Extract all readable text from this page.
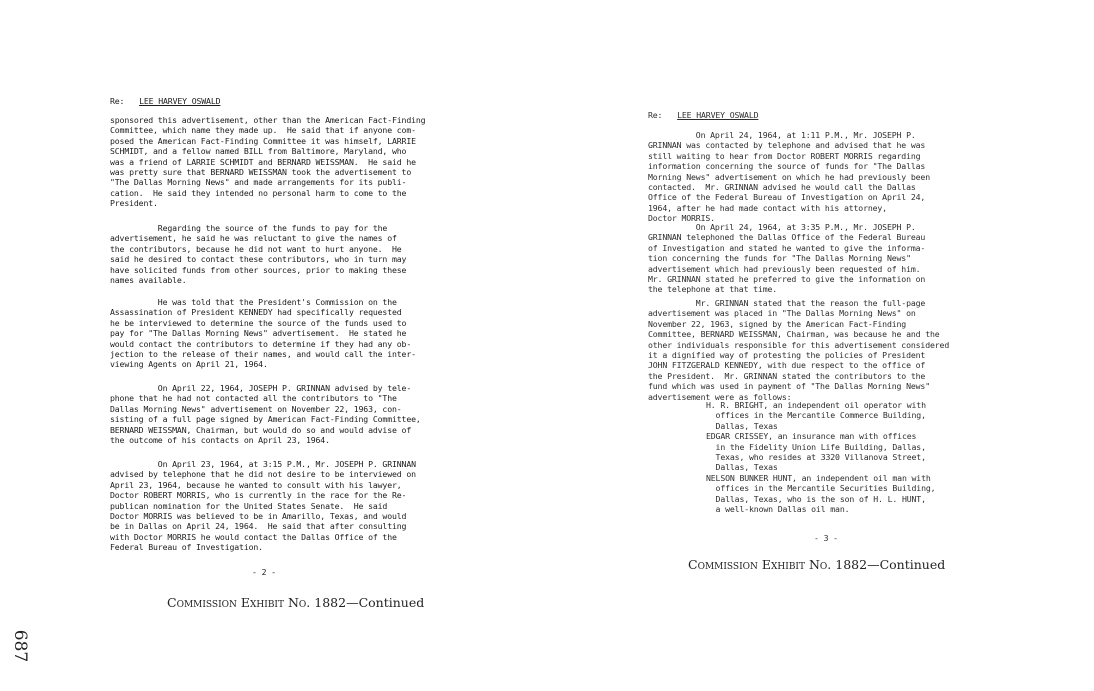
Re: LEE HARVEY OSWALD

sponsored this advertisement, other than the American Fact-Finding
Committee, which name they made up.  He said that if anyone com-
posed the American Fact-Finding Committee it was himself, LARRIE
SCHMIDT, and a fellow named BILL from Baltimore, Maryland, who
was a friend of LARRIE SCHMIDT and BERNARD WEISSMAN.  He said he
was pretty sure that BERNARD WEISSMAN took the advertisement to
"The Dallas Morning News" and made arrangements for its publi-
cation.  He said they intended no personal harm to come to the
President.

Regarding the source of the funds to pay for the
advertisement, he said he was reluctant to give the names of
the contributors, because he did not want to hurt anyone.  He
said he desired to contact these contributors, who in turn may
have solicited funds from other sources, prior to making these
names available.

He was told that the President's Commission on the
Assassination of President KENNEDY had specifically requested
he be interviewed to determine the source of the funds used to
pay for "The Dallas Morning News" advertisement.  He stated he
would contact the contributors to determine if they had any ob-
jection to the release of their names, and would call the inter-
viewing Agents on April 21, 1964.

On April 22, 1964, JOSEPH P. GRINNAN advised by tele-
phone that he had not contacted all the contributors to "The
Dallas Morning News" advertisement on November 22, 1963, con-
sisting of a full page signed by American Fact-Finding Committee,
BERNARD WEISSMAN, Chairman, but would do so and would advise of
the outcome of his contacts on April 23, 1964.

On April 23, 1964, at 3:15 P.M., Mr. JOSEPH P. GRINNAN
advised by telephone that he did not desire to be interviewed on
April 23, 1964, because he wanted to consult with his lawyer,
Doctor ROBERT MORRIS, who is currently in the race for the Re-
publican nomination for the United States Senate.  He said
Doctor MORRIS was believed to be in Amarillo, Texas, and would
be in Dallas on April 24, 1964.  He said that after consulting
with Doctor MORRIS he would contact the Dallas Office of the
Federal Bureau of Investigation.

- 2 -
Commission Exhibit No. 1882—Continued
687
Re: LEE HARVEY OSWALD

On April 24, 1964, at 1:11 P.M., Mr. JOSEPH P.
GRINNAN was contacted by telephone and advised that he was
still waiting to hear from Doctor ROBERT MORRIS regarding
information concerning the source of funds for "The Dallas
Morning News" advertisement on which he had previously been
contacted.  Mr. GRINNAN advised he would call the Dallas
Office of the Federal Bureau of Investigation on April 24,
1964, after he had made contact with his attorney,
Doctor MORRIS.

On April 24, 1964, at 3:35 P.M., Mr. JOSEPH P.
GRINNAN telephoned the Dallas Office of the Federal Bureau
of Investigation and stated he wanted to give the informa-
tion concerning the funds for "The Dallas Morning News"
advertisement which had previously been requested of him.
Mr. GRINNAN stated he preferred to give the information on
the telephone at that time.

Mr. GRINNAN stated that the reason the full-page
advertisement was placed in "The Dallas Morning News" on
November 22, 1963, signed by the American Fact-Finding
Committee, BERNARD WEISSMAN, Chairman, was because he and the
other individuals responsible for this advertisement considered
it a dignified way of protesting the policies of President
JOHN FITZGERALD KENNEDY, with due respect to the office of
the President.  Mr. GRINNAN stated the contributors to the
fund which was used in payment of "The Dallas Morning News"
advertisement were as follows:

H. R. BRIGHT, an independent oil operator with
offices in the Mercantile Commerce Building,
Dallas, Texas
EDGAR CRISSEY, an insurance man with offices
in the Fidelity Union Life Building, Dallas,
Texas, who resides at 3320 Villanova Street,
Dallas, Texas
NELSON BUNKER HUNT, an independent oil man with
offices in the Mercantile Securities Building,
Dallas, Texas, who is the son of H. L. HUNT,
a well-known Dallas oil man.

- 3 -
Commission Exhibit No. 1882—Continued
